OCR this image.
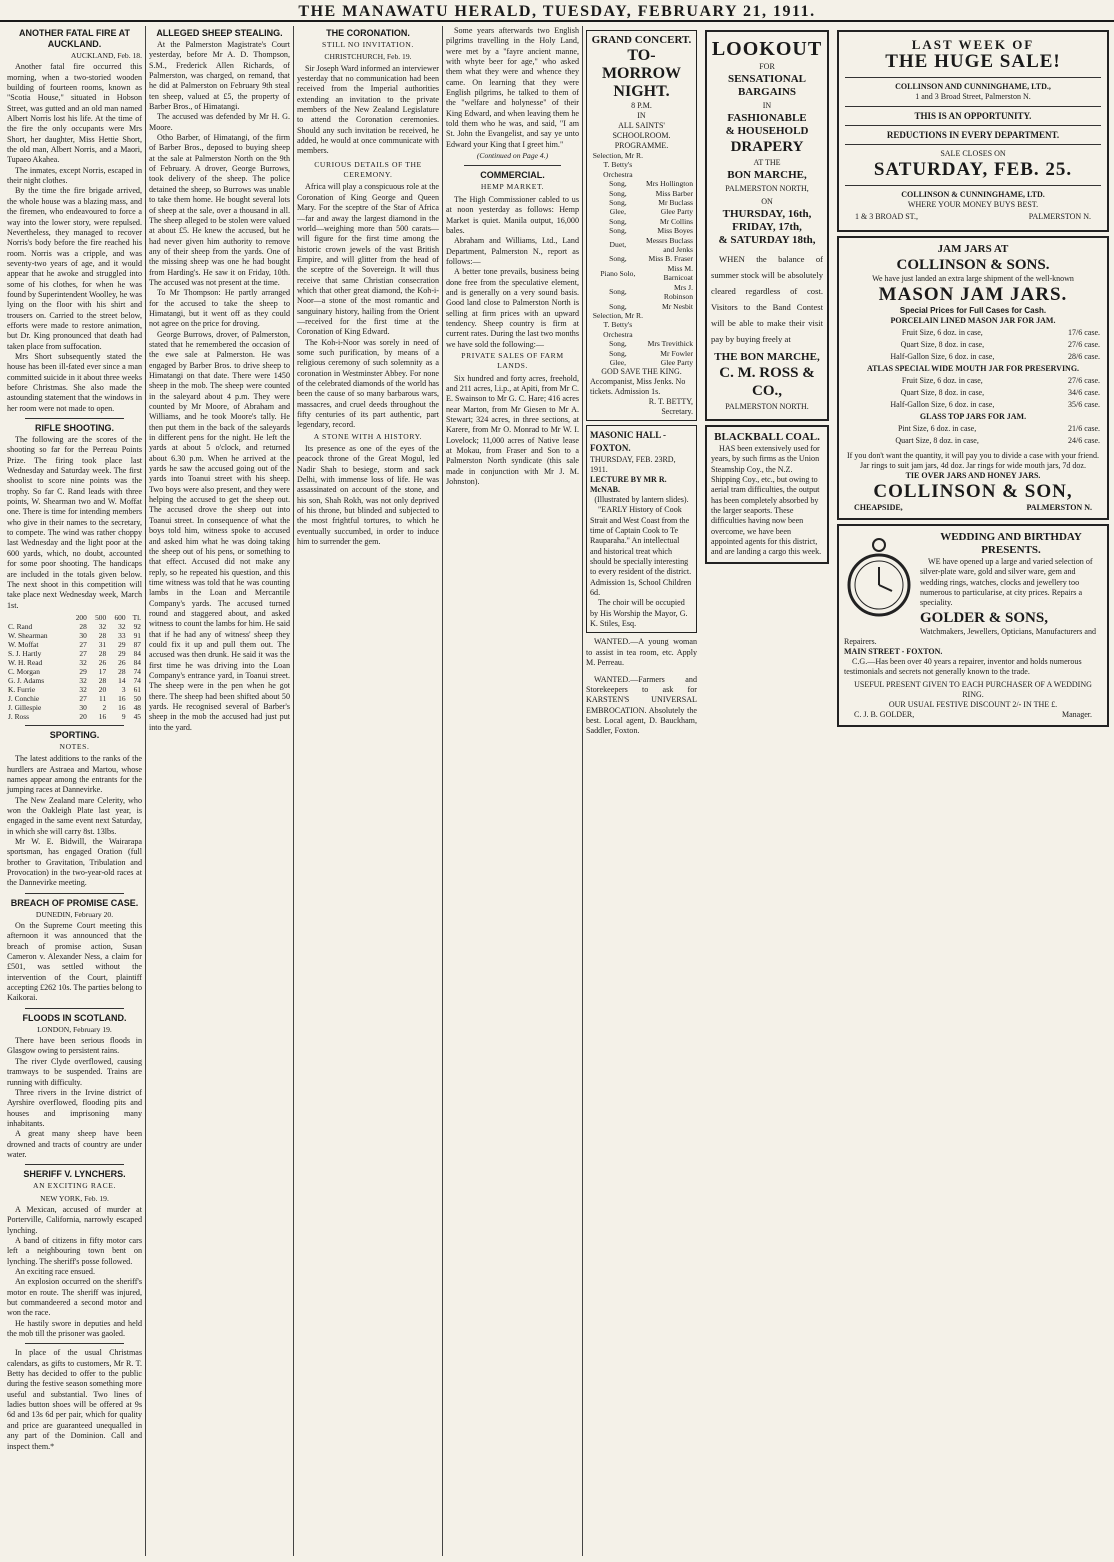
THE MANAWATU HERALD, TUESDAY, FEBRUARY 21, 1911.
ANOTHER FATAL FIRE AT AUCKLAND.
AUCKLAND, Feb. 18.

Another fatal fire occurred this morning, when a two-storied wooden building of fourteen rooms, known as "Scotia House," situated in Hobson Street, was gutted and an old man named Albert Norris lost his life. At the time of the fire the only occupants were Mrs Short, her daughter, Miss Hettie Short, the old man, Albert Norris, and a Maori, Tupaeo Akahea.

The inmates, except Norris, escaped in their night clothes.

By the time the fire brigade arrived, the whole house was a blazing mass, and the firemen, who endeavoured to force a way into the lower story, were repulsed. Nevertheless, they managed to recover Norris's body before the fire reached his room. Norris was a cripple, and was seventy-two years of age, and it would appear that he awoke and struggled into some of his clothes, for when he was found by Superintendent Woolley, he was lying on the floor with his shirt and trousers on. Carried to the street below, efforts were made to restore animation, but Dr. King pronounced that death had taken place from suffocation.

Mrs Short subsequently stated the house has been ill-fated ever since a man committed suicide in it about three weeks before Christmas. She also made the astounding statement that the windows in her room were not made to open.

RIFLE SHOOTING.

The following are the scores of the shooting so far for the Perreau Points Prize. The firing took place last Wednesday and Saturday week. The first shoolist to score nine points was the trophy. So far C. Rand leads with three points, W. Shearman two and W. Moffat one. There is time for intending members who give in their names to the secretary, to compete. The wind was rather choppy last Wednesday and the light poor at the 600 yards, which, no doubt, accounted for some poor shooting. The handicaps are included in the totals given below. The next shoot in this competition will take place next Wednesday week, March 1st.

	200	500	600	Tl.
C. Rand	28	32	32	92
W. Shearman	30	28	33	91
W. Moffat	27	31	29	87
S. J. Hartly	27	28	29	84
W. H. Read	32	26	26	84
C. Morgan	29	17	28	74
G. J. Adams	32	28	14	74
K. Furrie	32	20	3	61
J. Conchie	27	11	16	50
J. Gillespie	30	2	16	48
J. Ross	20	16	9	45
SPORTING.
NOTES.

The latest additions to the ranks of the hurdlers are Astraea and Martou, whose names appear among the entrants for the jumping races at Dannevirke.

The New Zealand mare Celerity, who won the Oakleigh Plate last year, is engaged in the same event next Saturday, in which she will carry 8st. 13lbs.

Mr W. E. Bidwill, the Wairarapa sportsman, has engaged Oration (full brother to Gravitation, Tribulation and Provocation) in the two-year-old races at the Dannevirke meeting.

BREACH OF PROMISE CASE.
DUNEDIN, February 20.

On the Supreme Court meeting this afternoon it was announced that the breach of promise action, Susan Cameron v. Alexander Ness, a claim for £501, was settled without the intervention of the Court, plaintiff accepting £262 10s. The parties belong to Kaikorai.

FLOODS IN SCOTLAND.
LONDON, February 19.

There have been serious floods in Glasgow owing to persistent rains.

The river Clyde overflowed, causing tramways to be suspended. Trains are running with difficulty.

Three rivers in the Irvine district of Ayrshire overflowed, flooding pits and houses and imprisoning many inhabitants.

A great many sheep have been drowned and tracts of country are under water.

SHERIFF V. LYNCHERS.
AN EXCITING RACE.
NEW YORK, Feb. 19.

A Mexican, accused of murder at Porterville, California, narrowly escaped lynching.

A band of citizens in fifty motor cars left a neighbouring town bent on lynching. The sheriff's posse followed.

An exciting race ensued.

An explosion occurred on the sheriff's motor en route. The sheriff was injured, but commandeered a second motor and won the race.

He hastily swore in deputies and held the mob till the prisoner was gaoled.

In place of the usual Christmas calendars, as gifts to customers, Mr R. T. Betty has decided to offer to the public during the festive season something more useful and substantial. Two lines of ladies button shoes will be offered at 9s 6d and 13s 6d per pair, which for quality and price are guaranteed unequalled in any part of the Dominion. Call and inspect them.*

ALLEGED SHEEP STEALING.

At the Palmerston Magistrate's Court yesterday, before Mr A. D. Thompson, S.M., Frederick Allen Richards, of Palmerston, was charged, on remand, that he did at Palmerston on February 9th steal ten sheep, valued at £5, the property of Barber Bros., of Himatangi.

The accused was defended by Mr H. G. Moore.

Otho Barber, of Himatangi, of the firm of Barber Bros., deposed to buying sheep at the sale at Palmerston North on the 9th of February. A drover, George Burrows, took delivery of the sheep. The police detained the sheep, so Burrows was unable to take them home. He bought several lots of sheep at the sale, over a thousand in all. The sheep alleged to be stolen were valued at about £5. He knew the accused, but he had never given him authority to remove any of their sheep from the yards. One of the missing sheep was one he had bought from Harding's. He saw it on Friday, 10th. The accused was not present at the time.

To Mr Thompson: He partly arranged for the accused to take the sheep to Himatangi, but it went off as they could not agree on the price for droving.

George Burrows, drover, of Palmerston, stated that he remembered the occasion of the ewe sale at Palmerston. He was engaged by Barber Bros. to drive sheep to Himatangi on that date. There were 1450 sheep in the mob. The sheep were counted in the saleyard about 4 p.m. They were counted by Mr Moore, of Abraham and Williams, and he took Moore's tally. He then put them in the back of the saleyards in different pens for the night. He left the yards at about 5 o'clock, and returned about 6.30 p.m. When he arrived at the yards he saw the accused going out of the yards into Toanui street with his sheep. Two boys were also present, and they were helping the accused to get the sheep out. The accused drove the sheep out into Toanui street. In consequence of what the boys told him, witness spoke to accused and asked him what he was doing taking the sheep out of his pens, or something to that effect. Accused did not make any reply, so he repeated his question, and this time witness was told that he was counting lambs in the Loan and Mercantile Company's yards. The accused turned round and staggered about, and asked witness to count the lambs for him. He said that if he had any of witness' sheep they could fix it up and pull them out. The accused was then drunk. He said it was the first time he was driving into the Loan Company's entrance yard, in Toanui street. The sheep were in the pen when he got there. The sheep had been shifted about 50 yards. He recognised several of Barber's sheep in the mob the accused had just put into the yard.

THE CORONATION.
STILL NO INVITATION.
CHRISTCHURCH, Feb. 19.

Sir Joseph Ward informed an interviewer yesterday that no communication had been received from the Imperial authorities extending an invitation to the private members of the New Zealand Legislature to attend the Coronation ceremonies. Should any such invitation be received, he added, he would at once communicate with members.

CURIOUS DETAILS OF THE CEREMONY.

Africa will play a conspicuous role at the Coronation of King George and Queen Mary. For the sceptre of the Star of Africa—far and away the largest diamond in the world—weighing more than 500 carats—will figure for the first time among the historic crown jewels of the vast British Empire, and will glitter from the head of the sceptre of the Sovereign. It will thus receive that same Christian consecration which that other great diamond, the Koh-i-Noor—a stone of the most romantic and sanguinary history, hailing from the Orient—received for the first time at the Coronation of King Edward.

The Koh-i-Noor was sorely in need of some such purification, by means of a religious ceremony of such solemnity as a coronation in Westminster Abbey. For none of the celebrated diamonds of the world has been the cause of so many barbarous wars, massacres, and cruel deeds throughout the fifty centuries of its part authentic, part legendary, record.

A STONE WITH A HISTORY.

Its presence as one of the eyes of the peacock throne of the Great Mogul, led Nadir Shah to besiege, storm and sack Delhi, with immense loss of life. He was assassinated on account of the stone, and his son, Shah Rokh, was not only deprived of his throne, but blinded and subjected to the most frightful tortures, to which he eventually succumbed, in order to induce him to surrender the gem.

Some years afterwards two English pilgrims travelling in the Holy Land, were met by a "fayre ancient manne, with whyte beer for age," who asked them what they were and whence they came. On learning that they were English pilgrims, he talked to them of the "welfare and holynesse" of their King Edward, and when leaving them he told them who he was, and said, "I am St. John the Evangelist, and say ye unto Edward your King that I greet him."

(Continued on Page 4.)
COMMERCIAL.
HEMP MARKET.

The High Commissioner cabled to us at noon yesterday as follows: Hemp Market is quiet. Manila output, 16,000 bales.

Abraham and Williams, Ltd., Land Department, Palmerston N., report as follows:—

A better tone prevails, business being done free from the speculative element, and is generally on a very sound basis. Good land close to Palmerston North is selling at firm prices with an upward tendency. Sheep country is firm at current rates. During the last two months we have sold the following:—

PRIVATE SALES OF FARM LANDS.

Six hundred and forty acres, freehold, and 211 acres, l.i.p., at Apiti, from Mr C. E. Swainson to Mr G. C. Hare; 416 acres near Marton, from Mr Giesen to Mr A. Stewart; 324 acres, in three sections, at Karere, from Mr O. Monrad to Mr W. I. Lovelock; 11,000 acres of Native lease at Mokau, from Fraser and Son to a Palmerston North syndicate (this sale made in conjunction with Mr J. M. Johnston).

GRAND CONCERT.
TO-MORROW NIGHT.
8 P.M.
IN
ALL SAINTS' SCHOOLROOM.
PROGRAMME.
Selection, Mr R. T. Betty's Orchestra	
Song,	Mrs Hollington
Song,	Miss Barber
Song,	Mr Buclass
Glee,	Glee Party
Song,	Mr Collins
Song,	Miss Boyes
Duet,	Messrs Buclass and Jenks
Song,	Miss B. Fraser
Piano Solo,	Miss M. Barnicoat
Song,	Mrs J. Robinson
Song,	Mr Nesbit
Selection, Mr R. T. Betty's Orchestra	
Song,	Mrs Trevithick
Song,	Mr Fowler
Glee,	Glee Party
GOD SAVE THE KING.
Accompanist, Miss Jenks. No tickets. Admission 1s.
R. T. BETTY,
Secretary.
MASONIC HALL - FOXTON.
THURSDAY, FEB. 23RD, 1911.
LECTURE BY MR R. McNAB.
(Illustrated by lantern slides).

"EARLY History of Cook Strait and West Coast from the time of Captain Cook to Te Rauparaha." An intellectual and historical treat which should be specially interesting to every resident of the district. Admission 1s, School Children 6d.

The choir will be occupied by His Worship the Mayor, G. K. Stiles, Esq.

WANTED.—A young woman to assist in tea room, etc. Apply M. Perreau.

WANTED.—Farmers and Storekeepers to ask for KARSTEN'S UNIVERSAL EMBROCATION. Absolutely the best. Local agent, D. Bauckham, Saddler, Foxton.

LOOKOUT
FOR
SENSATIONAL
BARGAINS
IN
FASHIONABLE
& HOUSEHOLD
DRAPERY
AT THE
BON MARCHE,
PALMERSTON NORTH,
ON
THURSDAY, 16th,
FRIDAY, 17th,
& SATURDAY 18th,

WHEN the balance of summer stock will be absolutely cleared regardless of cost. Visitors to the Band Contest will be able to make their visit pay by buying freely at

THE BON MARCHE,
C. M. ROSS & CO.,
PALMERSTON NORTH.
BLACKBALL COAL.

HAS been extensively used for years, by such firms as the Union Steamship Coy., the N.Z. Shipping Coy., etc., but owing to aerial tram difficulties, the output has been completely absorbed by the larger seaports. These difficulties having now been overcome, we have been appointed agents for this district, and are landing a cargo this week.

LAST WEEK OF
THE HUGE SALE!
COLLINSON AND CUNNINGHAME, LTD.,
1 and 3 Broad Street, Palmerston N.
THIS IS AN OPPORTUNITY.
REDUCTIONS IN EVERY DEPARTMENT.
SALE CLOSES ON
SATURDAY, FEB. 25.
COLLINSON & CUNNINGHAME, LTD.
WHERE YOUR MONEY BUYS BEST.
1 & 3 BROAD ST.,	PALMERSTON N.
JAM JARS AT
COLLINSON & SONS.
We have just landed an extra large shipment of the well-known
MASON JAM JARS.
Special Prices for Full Cases for Cash.
PORCELAIN LINED MASON JAR FOR JAM.
Fruit Size, 6 doz. in case,	17/6 case.
Quart Size, 8 doz. in case,	27/6 case.
Half-Gallon Size, 6 doz. in case,	28/6 case.
ATLAS SPECIAL WIDE MOUTH JAR FOR PRESERVING.
Fruit Size, 6 doz. in case,	27/6 case.
Quart Size, 8 doz. in case,	34/6 case.
Half-Gallon Size, 6 doz. in case,	35/6 case.
GLASS TOP JARS FOR JAM.
Pint Size, 6 doz. in case,	21/6 case.
Quart Size, 8 doz. in case,	24/6 case.
If you don't want the quantity, it will pay you to divide a case with your friend.
Jar rings to suit jam jars, 4d doz. Jar rings for wide mouth jars, 7d doz.
TIE OVER JARS AND HONEY JARS.
COLLINSON & SON,
CHEAPSIDE,	PALMERSTON N.
WEDDING AND BIRTHDAY PRESENTS.

WE have opened up a large and varied selection of silver-plate ware, gold and silver ware, gem and wedding rings, watches, clocks and jewellery too numerous to particularise, at city prices. Repairs a speciality.

GOLDER & SONS,
Watchmakers, Jewellers, Opticians, Manufacturers and Repairers.
MAIN STREET - FOXTON.

C.G.—Has been over 40 years a repairer, inventor and holds numerous testimonials and secrets not generally known to the trade.

USEFUL PRESENT GIVEN TO EACH PURCHASER OF A WEDDING RING.
OUR USUAL FESTIVE DISCOUNT 2/- IN THE £.
C. J. B. GOLDER,	Manager.
